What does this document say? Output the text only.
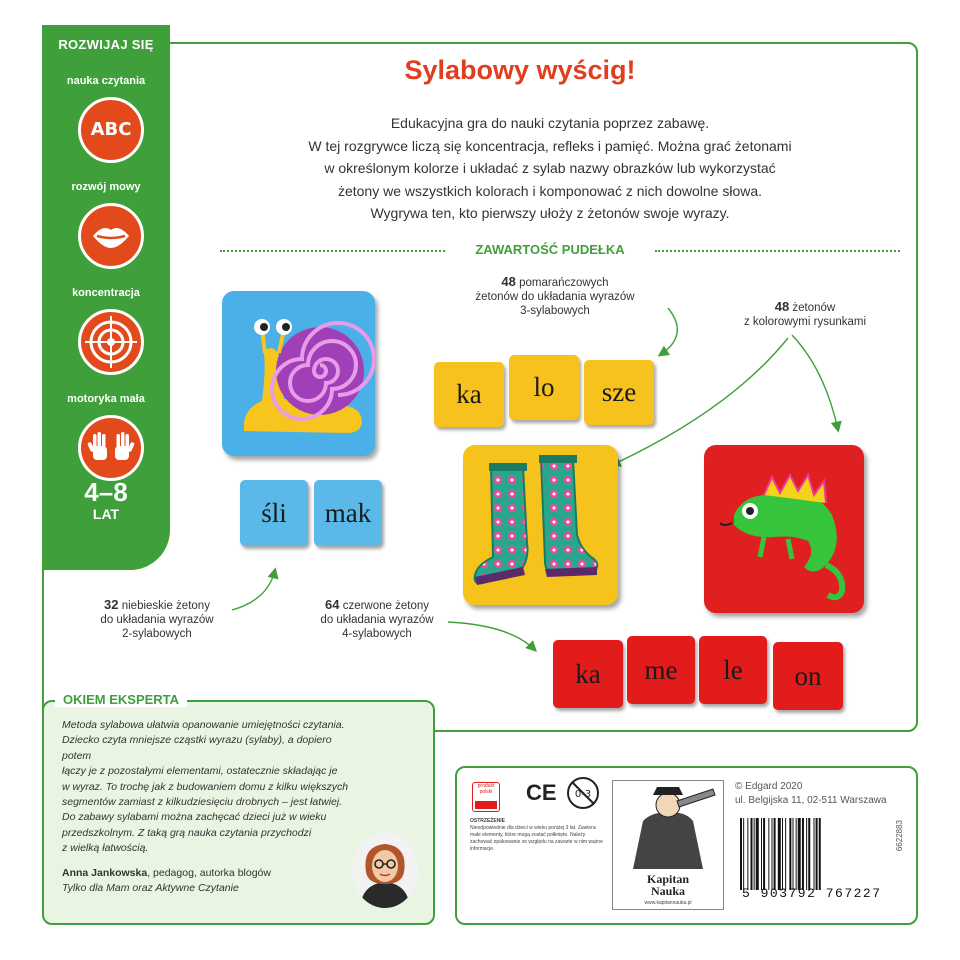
ROZWIJAJ SIĘ
nauka czytania
ABC
rozwój mowy
koncentracja
motoryka mała
4–8
LAT
Sylabowy wyścig!
Edukacyjna gra do nauki czytania poprzez zabawę.
W tej rozgrywce liczą się koncentracja, refleks i pamięć. Można grać żetonami
w określonym kolorze i układać z sylab nazwy obrazków lub wykorzystać
żetony we wszystkich kolorach i komponować z nich dowolne słowa.
Wygrywa ten, kto pierwszy ułoży z żetonów swoje wyrazy.
ZAWARTOŚĆ PUDEŁKA
48 pomarańczowych
żetonów do układania wyrazów
3-sylabowych	48 żetonów
z kolorowymi rysunkami
32 niebieskie żetony
do układania wyrazów
2-sylabowych
64 czerwone żetony
do układania wyrazów
4-sylabowych
śli	mak
ka	lo	sze
ka	me	le	on
OKIEM EKSPERTA
Metoda sylabowa ułatwia opanowanie umiejętności czytania.
Dziecko czyta mniejsze cząstki wyrazu (sylaby), a dopiero potem
łączy je z pozostałymi elementami, ostatecznie składając je
w wyraz. To trochę jak z budowaniem domu z kilku większych
segmentów zamiast z kilkudziesięciu drobnych – jest łatwiej.
Do zabawy sylabami można zachęcać dzieci już w wieku
przedszkolnym. Z taką grą nauka czytania przychodzi
z wielką łatwością.
Anna Jankowska, pedagog, autorka blogów
Tylko dla Mam oraz Aktywne Czytanie
produkt polski	CE 0-3
OSTRZEŻENIE
Nieodpowiednie dla dzieci w wieku poniżej 3 lat. Zawiera małe elementy, które mogą zostać połknięte. Należy zachować opakowanie ze względu na zawarte w nim ważne informacje.
Kapitan
Nauka
www.kapitannauka.pl
© Edgard 2020
ul. Belgijska 11, 02-511 Warszawa
5 903792 767227
6622883
